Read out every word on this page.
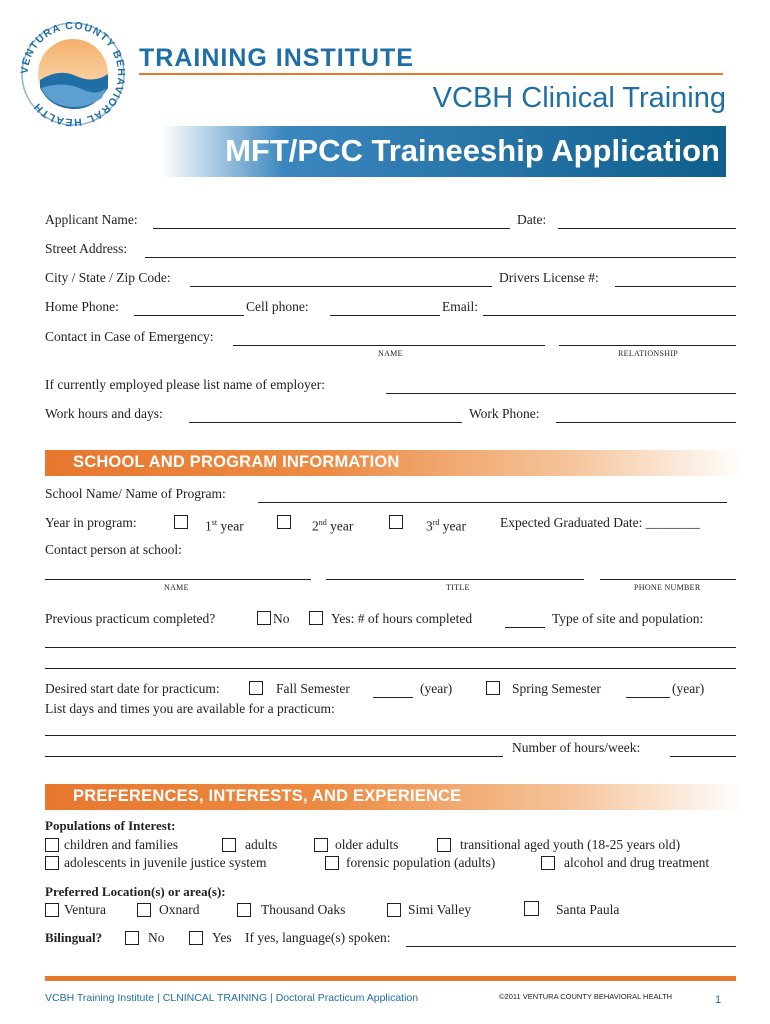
VENTURA COUNTY BEHAVIORAL HEALTH
TRAINING INSTITUTE
VCBH Clinical Training
MFT/PCC Traineeship Application
Applicant Name:	Date:
Street Address:
City / State / Zip Code:	Drivers License #:
Home Phone:	Cell phone:	Email:
Contact in Case of Emergency:
NAME	RELATIONSHIP
If currently employed please list name of employer:
Work hours and days:	Work Phone:
SCHOOL AND PROGRAM INFORMATION
School Name/ Name of Program:
Year in program:	1st year	2nd year	3rd year	Expected Graduated Date: ________
Contact person at school:
NAME	TITLE	PHONE NUMBER
Previous practicum completed?	No	Yes: # of hours completed	Type of site and population:
Desired start date for practicum:	Fall Semester	(year)	Spring Semester	(year)
List days and times you are available for a practicum:
Number of hours/week:
PREFERENCES, INTERESTS, AND EXPERIENCE
Populations of Interest:
children and families	adults	older adults	transitional aged youth (18-25 years old)
adolescents in juvenile justice system	forensic population (adults)	alcohol and drug treatment
Preferred Location(s) or area(s):
Ventura	Oxnard	Thousand Oaks	Simi Valley	Santa Paula
Bilingual?	No	Yes If yes, language(s) spoken:
VCBH Training Institute | CLNINCAL TRAINING | Doctoral Practicum Application	©2011 VENTURA COUNTY BEHAVIORAL HEALTH	1
